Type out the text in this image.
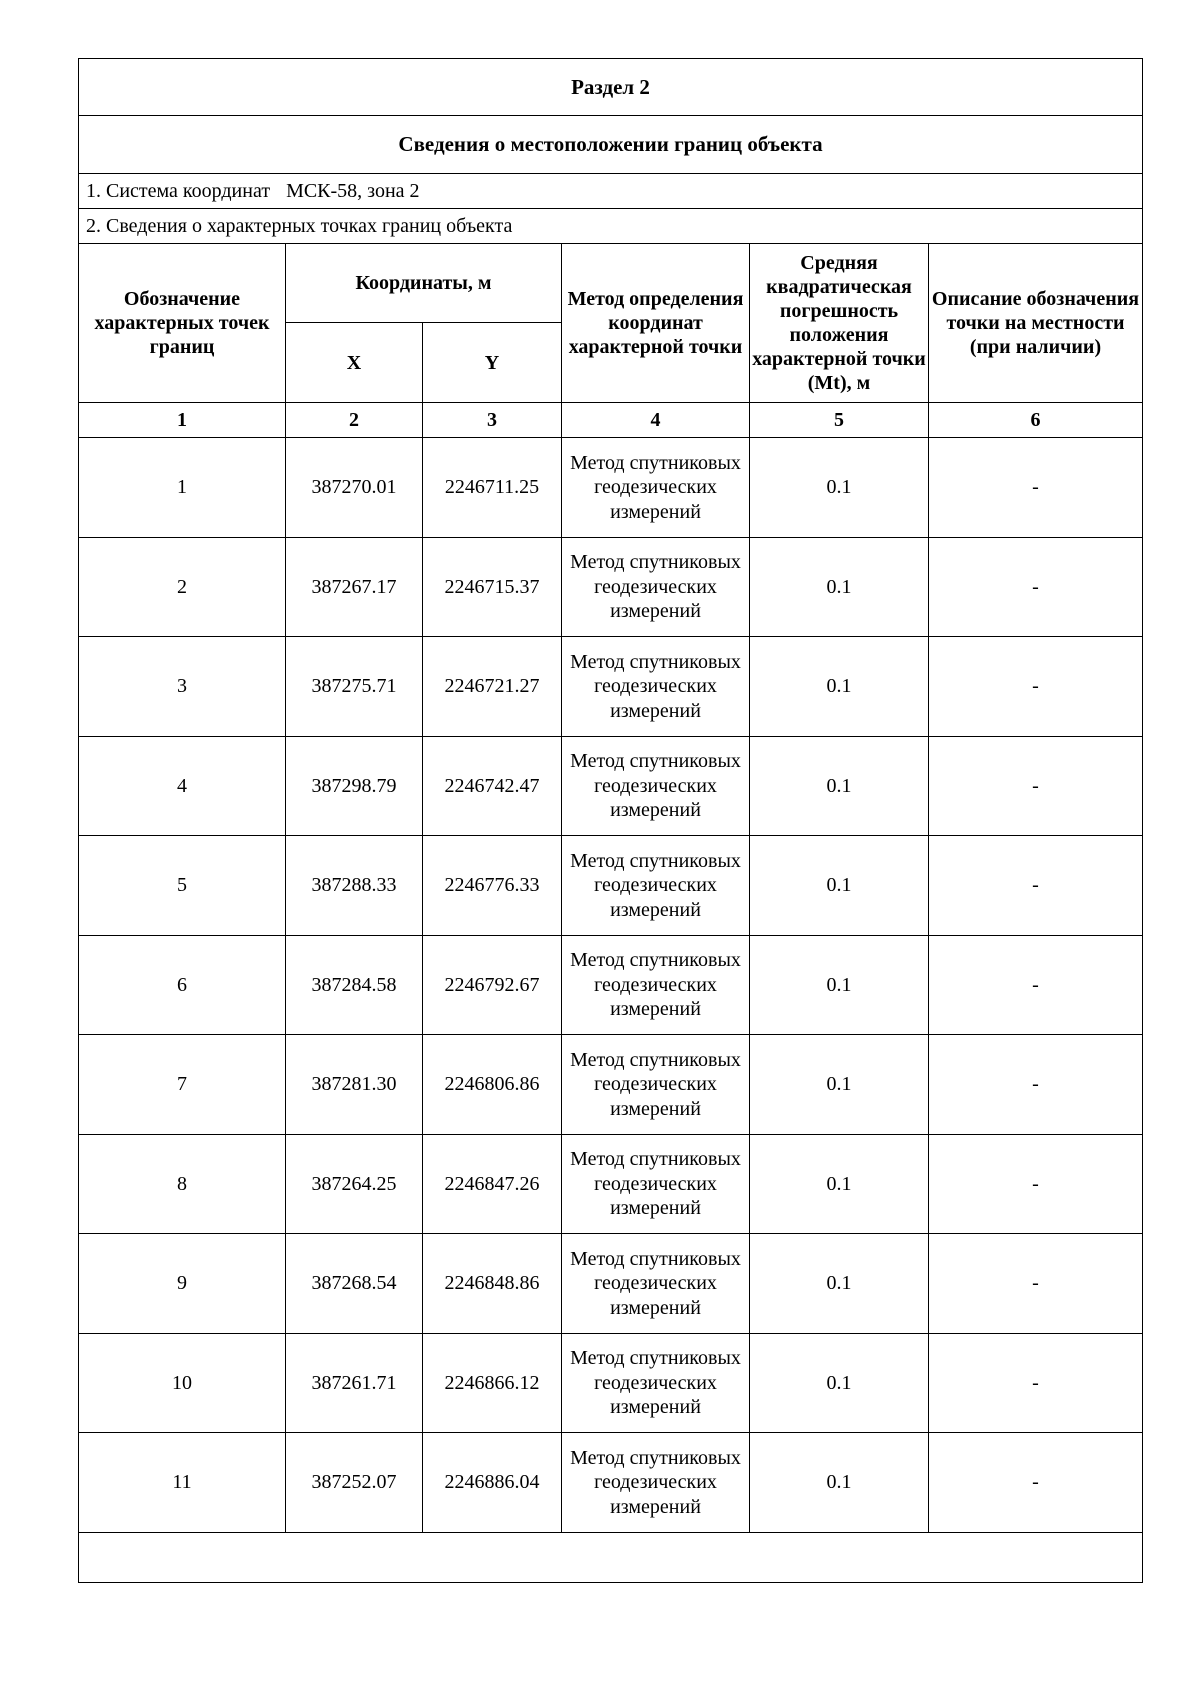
Раздел 2					
Сведения о местоположении границ объекта					
1. Система координат МСК-58, зона 2					
2. Сведения о характерных точках границ объекта					
Обозначение характерных точек границ	Координаты, м		Метод определения координат характерной точки	Средняя квадратическая погрешность положения характерной точки (Mt), м	Описание обозначения точки на местности (при наличии)
	X	Y			
1	2	3	4	5	6
1	387270.01	2246711.25	Метод спутниковых геодезических измерений	0.1	-
2	387267.17	2246715.37	Метод спутниковых геодезических измерений	0.1	-
3	387275.71	2246721.27	Метод спутниковых геодезических измерений	0.1	-
4	387298.79	2246742.47	Метод спутниковых геодезических измерений	0.1	-
5	387288.33	2246776.33	Метод спутниковых геодезических измерений	0.1	-
6	387284.58	2246792.67	Метод спутниковых геодезических измерений	0.1	-
7	387281.30	2246806.86	Метод спутниковых геодезических измерений	0.1	-
8	387264.25	2246847.26	Метод спутниковых геодезических измерений	0.1	-
9	387268.54	2246848.86	Метод спутниковых геодезических измерений	0.1	-
10	387261.71	2246866.12	Метод спутниковых геодезических измерений	0.1	-
11	387252.07	2246886.04	Метод спутниковых геодезических измерений	0.1	-
